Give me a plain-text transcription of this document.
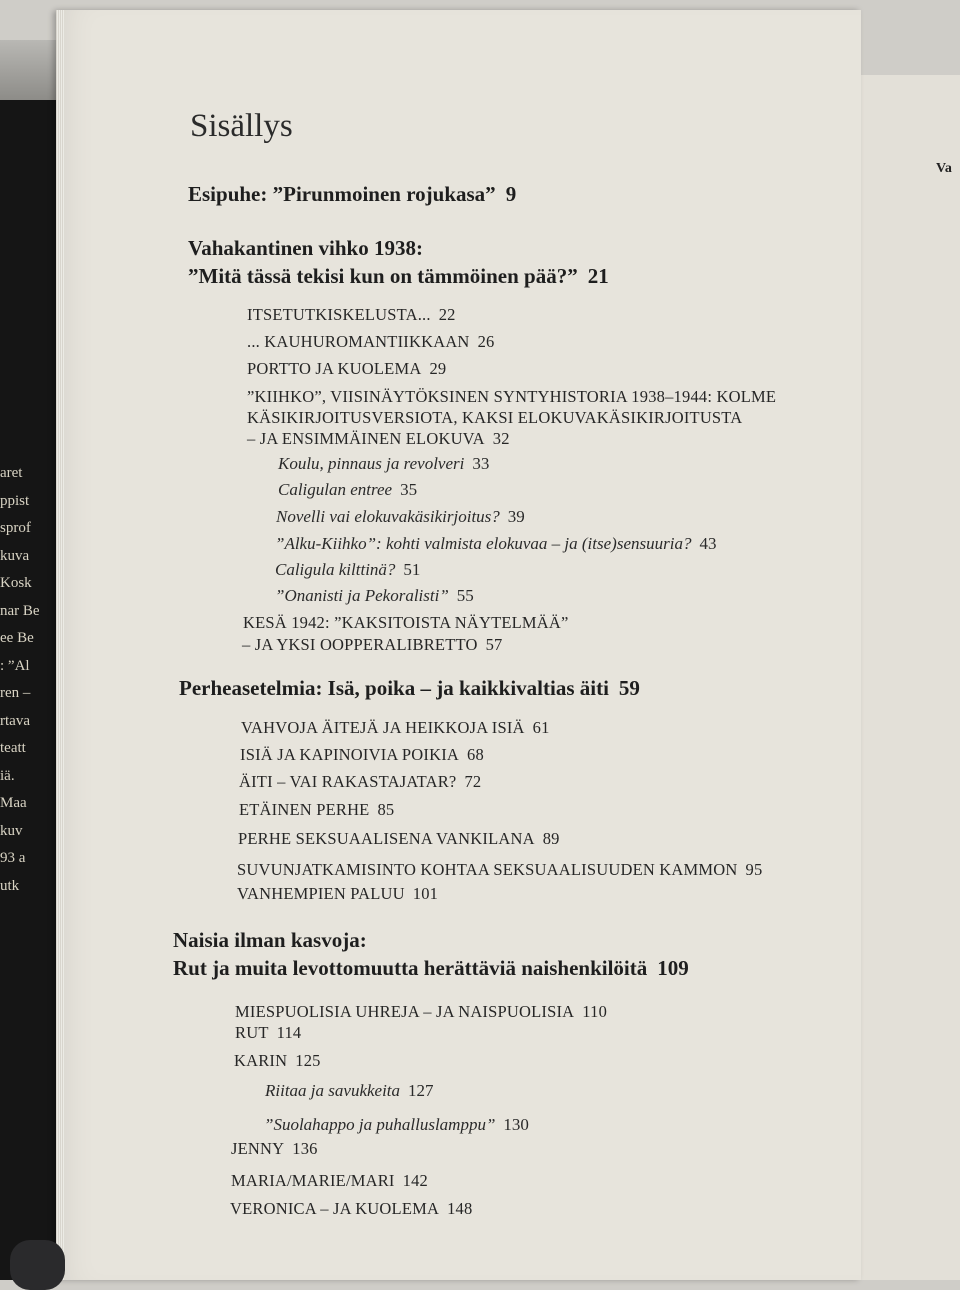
aret
ppist
sprof
kuva
Kosk
nar Be
ee Be
: ”Al
ren –
rtava
teatt
iä.
Maa
kuv
93 a
utk
Va
Sisällys
Esipuhe: ”Pirunmoinen rojukasa” 9
Vahakantinen vihko 1938:
”Mitä tässä tekisi kun on tämmöinen pää?” 21
ITSETUTKISKELUSTA... 22
... KAUHUROMANTIIKKAAN 26
PORTTO JA KUOLEMA 29
”KIIHKO”, VIISINÄYTÖKSINEN SYNTYHISTORIA 1938–1944: KOLME
KÄSIKIRJOITUSVERSIOTA, KAKSI ELOKUVAKÄSIKIRJOITUSTA
– JA ENSIMMÄINEN ELOKUVA 32
Koulu, pinnaus ja revolveri 33
Caligulan entree 35
Novelli vai elokuvakäsikirjoitus? 39
”Alku-Kiihko”: kohti valmista elokuvaa – ja (itse)sensuuria? 43
Caligula kilttinä? 51
”Onanisti ja Pekoralisti” 55
KESÄ 1942: ”KAKSITOISTA NÄYTELMÄÄ”
– JA YKSI OOPPERALIBRETTO 57
Perheasetelmia: Isä, poika – ja kaikkivaltias äiti 59
VAHVOJA ÄITEJÄ JA HEIKKOJA ISIÄ 61
ISIÄ JA KAPINOIVIA POIKIA 68
ÄITI – VAI RAKASTAJATAR? 72
ETÄINEN PERHE 85
PERHE SEKSUAALISENA VANKILANA 89
SUVUNJATKAMISINTO KOHTAA SEKSUAALISUUDEN KAMMON 95
VANHEMPIEN PALUU 101
Naisia ilman kasvoja:
Rut ja muita levottomuutta herättäviä naishenkilöitä 109
MIESPUOLISIA UHREJA – JA NAISPUOLISIA 110
RUT 114
KARIN 125
Riitaa ja savukkeita 127
”Suolahappo ja puhalluslamppu” 130
JENNY 136
MARIA/MARIE/MARI 142
VERONICA – JA KUOLEMA 148
